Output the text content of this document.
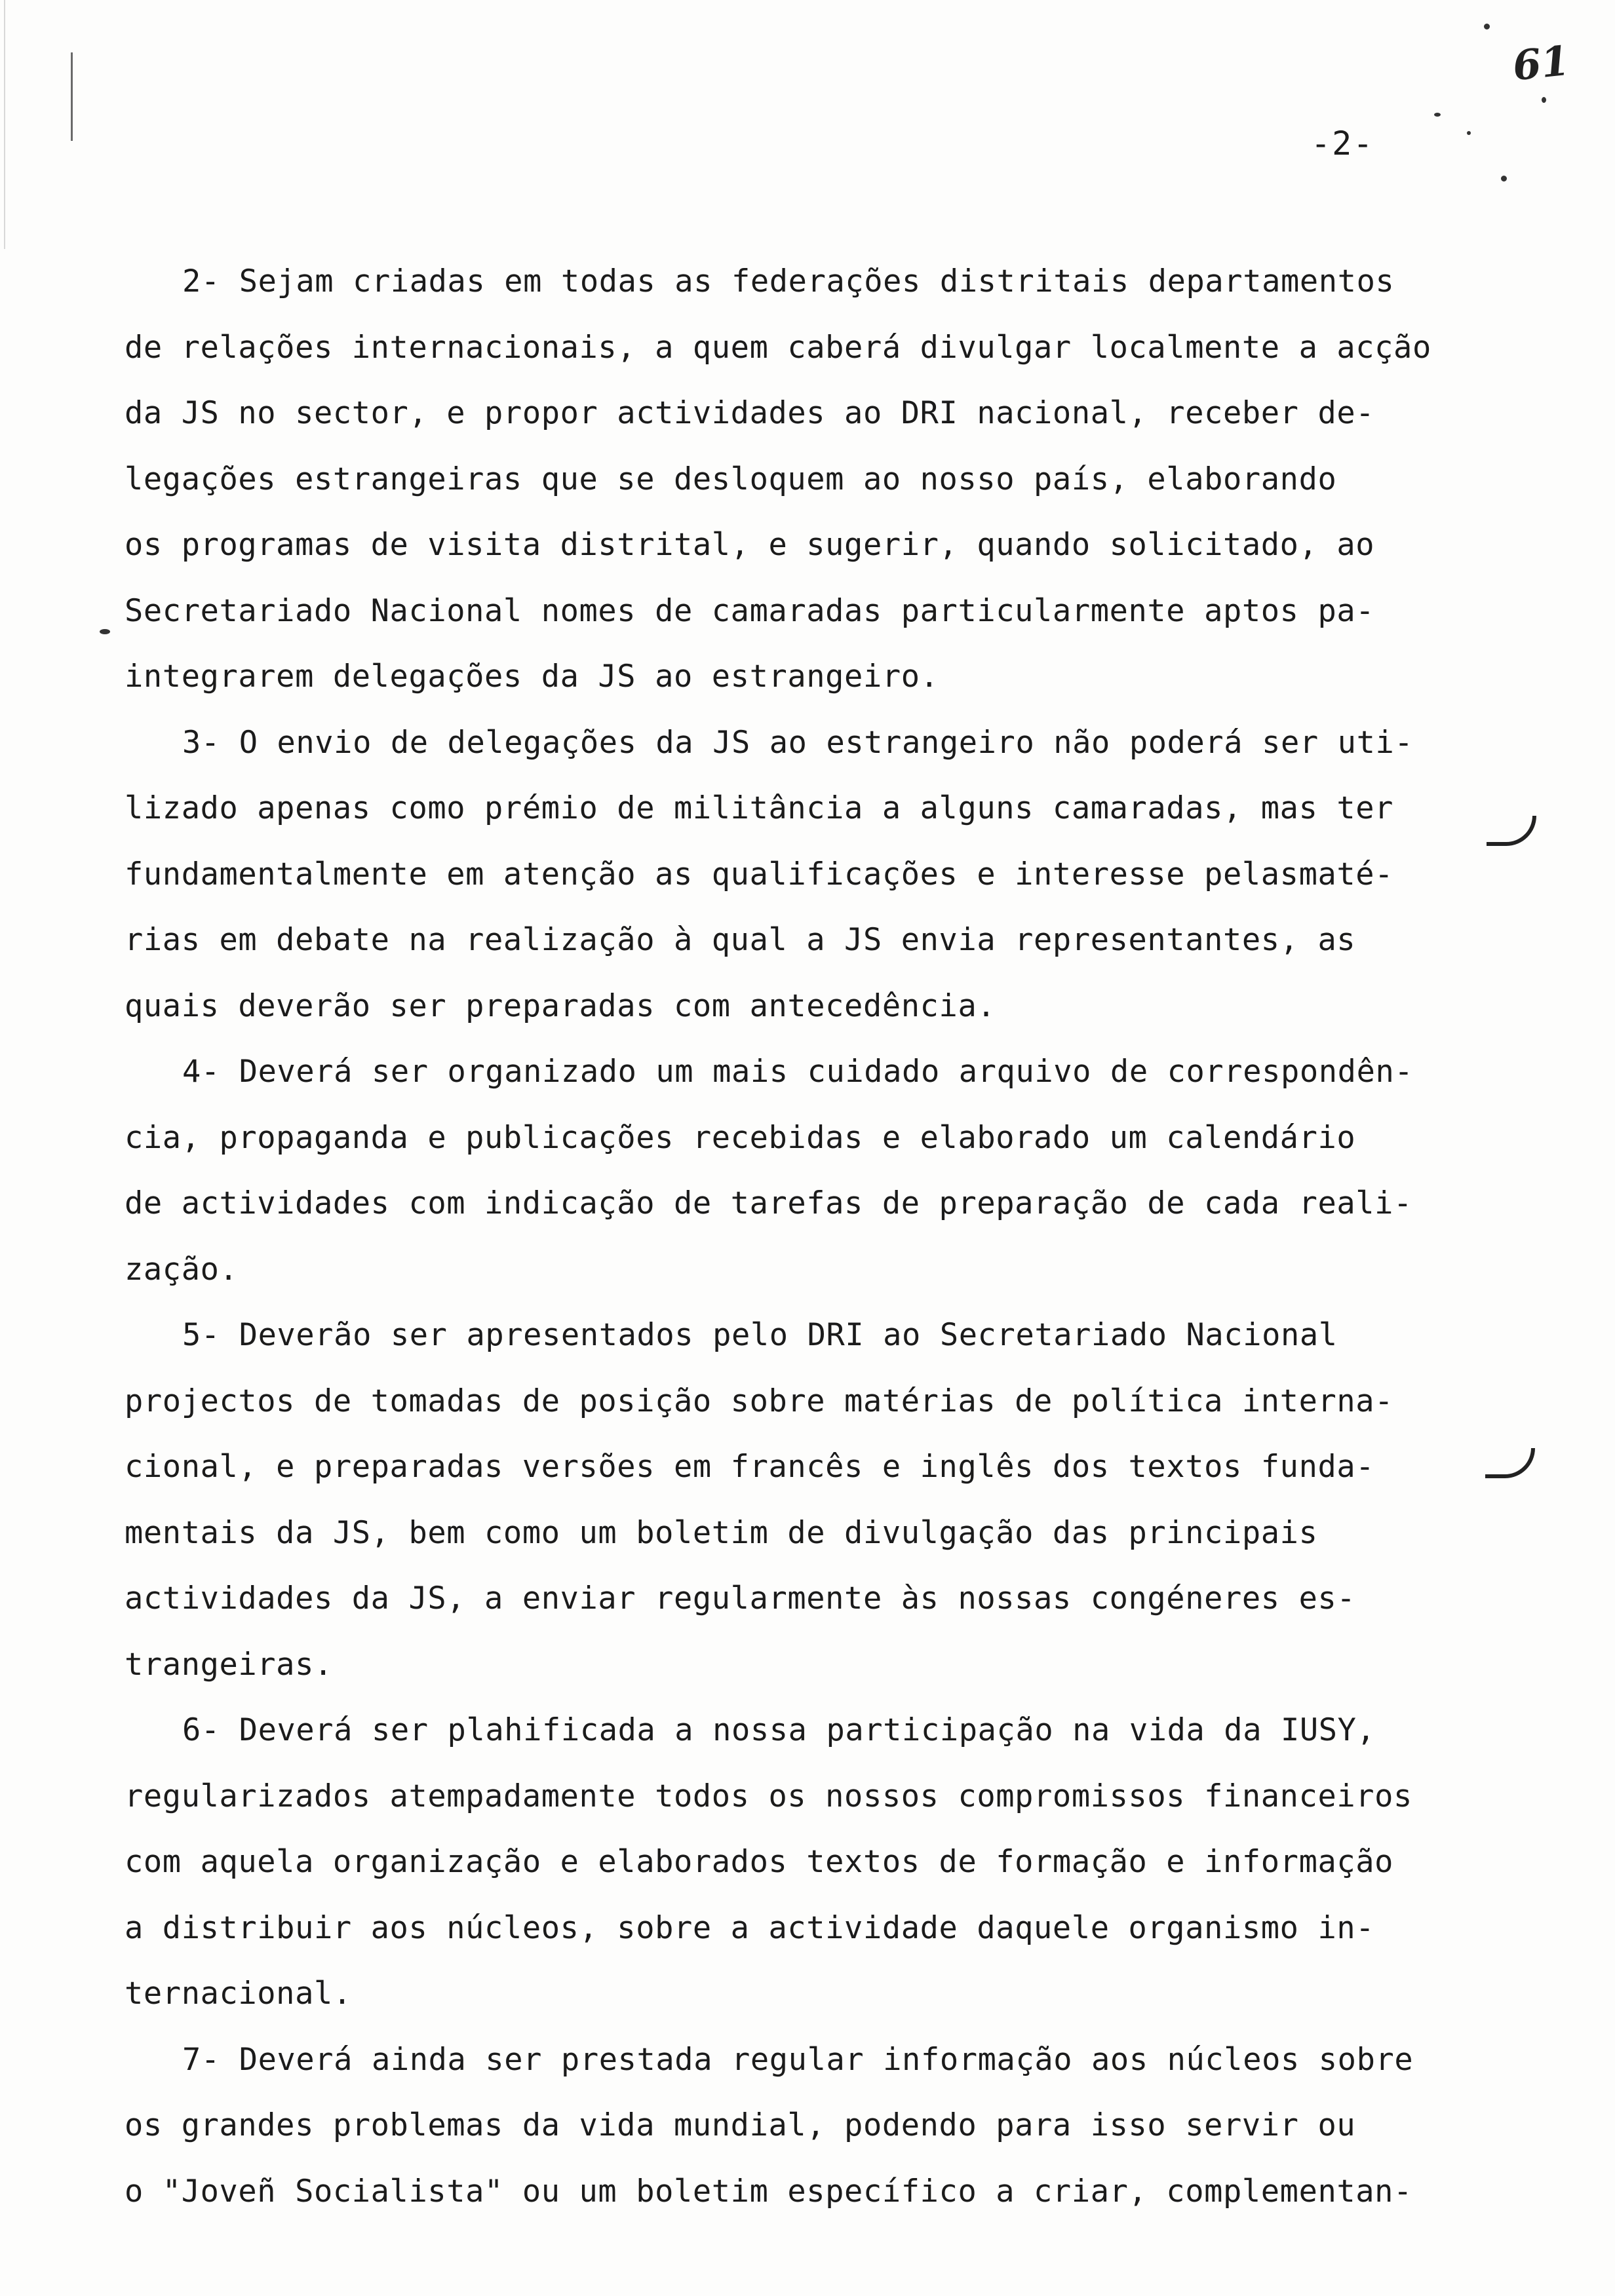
61
-2-
2- Sejam criadas em todas as federações distritais departamentos
de relações internacionais, a quem caberá divulgar localmente a acção
da JS no sector, e propor actividades ao DRI nacional, receber de-
legações estrangeiras que se desloquem ao nosso país, elaborando
os programas de visita distrital, e sugerir, quando solicitado, ao
Secretariado Nacional nomes de camaradas particularmente aptos pa-
integrarem delegações da JS ao estrangeiro.
3- O envio de delegações da JS ao estrangeiro não poderá ser uti-
lizado apenas como prémio de militância a alguns camaradas, mas ter
fundamentalmente em atenção as qualificações e interesse pelasmaté-
rias em debate na realização à qual a JS envia representantes, as
quais deverão ser preparadas com antecedência.
4- Deverá ser organizado um mais cuidado arquivo de correspondên-
cia, propaganda e publicações recebidas e elaborado um calendário
de actividades com indicação de tarefas de preparação de cada reali-
zação.
5- Deverão ser apresentados pelo DRI ao Secretariado Nacional
projectos de tomadas de posição sobre matérias de política interna-
cional, e preparadas versões em francês e inglês dos textos funda-
mentais da JS, bem como um boletim de divulgação das principais
actividades da JS, a enviar regularmente às nossas congéneres es-
trangeiras.
6- Deverá ser plahificada a nossa participação na vida da IUSY,
regularizados atempadamente todos os nossos compromissos financeiros
com aquela organização e elaborados textos de formação e informação
a distribuir aos núcleos, sobre a actividade daquele organismo in-
ternacional.
7- Deverá ainda ser prestada regular informação aos núcleos sobre
os grandes problemas da vida mundial, podendo para isso servir ou
o "Joveñ Socialista" ou um boletim específico a criar, complementan-
